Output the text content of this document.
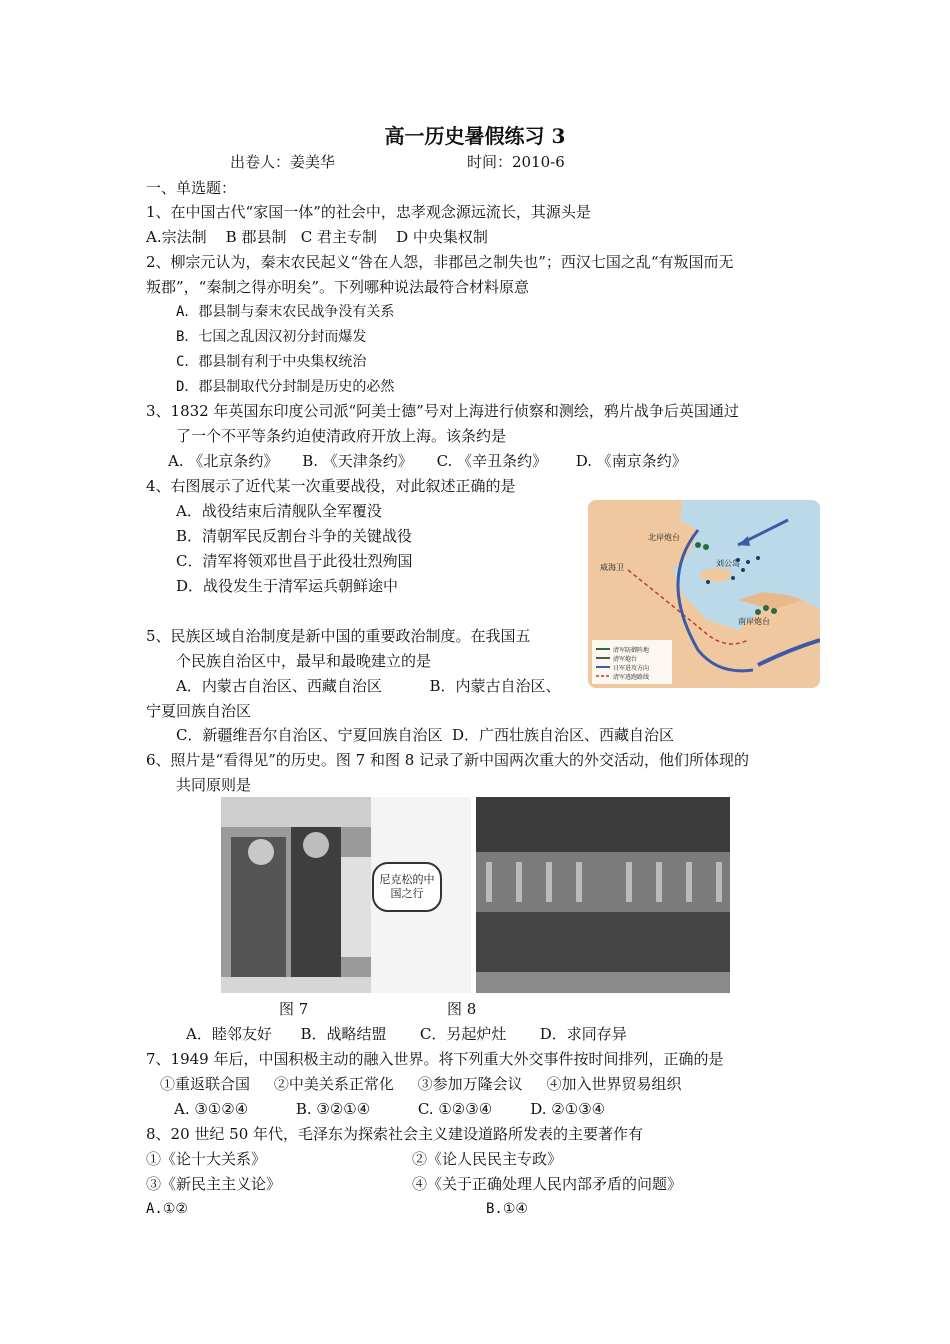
高一历史暑假练习 3
出卷人：姜美华	时间：2010-6
一、单选题：
1、在中国古代“家国一体”的社会中，忠孝观念源远流长，其源头是
A.宗法制    B 郡县制   C 君主专制    D 中央集权制
2、柳宗元认为，秦末农民起义“咎在人怨，非郡邑之制失也”；西汉七国之乱“有叛国而无
叛郡”，“秦制之得亦明矣”。下列哪种说法最符合材料原意
A．郡县制与秦末农民战争没有关系
B．七国之乱因汉初分封而爆发
C．郡县制有利于中央集权统治
D．郡县制取代分封制是历史的必然
3、1832 年英国东印度公司派“阿美士德”号对上海进行侦察和测绘，鸦片战争后英国通过
了一个不平等条约迫使清政府开放上海。该条约是
A. 《北京条约》     B. 《天津条约》     C. 《辛丑条约》      D. 《南京条约》
4、右图展示了近代某一次重要战役，对此叙述正确的是
A．战役结束后清舰队全军覆没
B．清朝军民反割台斗争的关键战役
C．清军将领邓世昌于此役壮烈殉国
D．战役发生于清军运兵朝鲜途中
北岸炮台
威海卫	刘公岛
南岸炮台
清军防御阵地
清军炮台
日军进攻方向
清军逃跑路线
5、民族区域自治制度是新中国的重要政治制度。在我国五
个民族自治区中，最早和最晚建立的是
A．内蒙古自治区、西藏自治区          B．内蒙古自治区、
宁夏回族自治区
C．新疆维吾尔自治区、宁夏回族自治区  D．广西壮族自治区、西藏自治区
6、照片是“看得见”的历史。图 7 和图 8 记录了新中国两次重大的外交活动，他们所体现的
共同原则是
尼克松的中国之行
图 7	图 8
A．睦邻友好      B．战略结盟       C．另起炉灶       D．求同存异
7、1949 年后，中国积极主动的融入世界。将下列重大外交事件按时间排列，正确的是
①重返联合国     ②中美关系正常化     ③参加万隆会议     ④加入世界贸易组织
A. ③①②④          B. ③②①④          C. ①②③④        D. ②①③④
8、20 世纪 50 年代，毛泽东为探索社会主义建设道路所发表的主要著作有
①《论十大关系》	②《论人民民主专政》
③《新民主主义论》	④《关于正确处理人民内部矛盾的问题》
A.①②	B.①④
